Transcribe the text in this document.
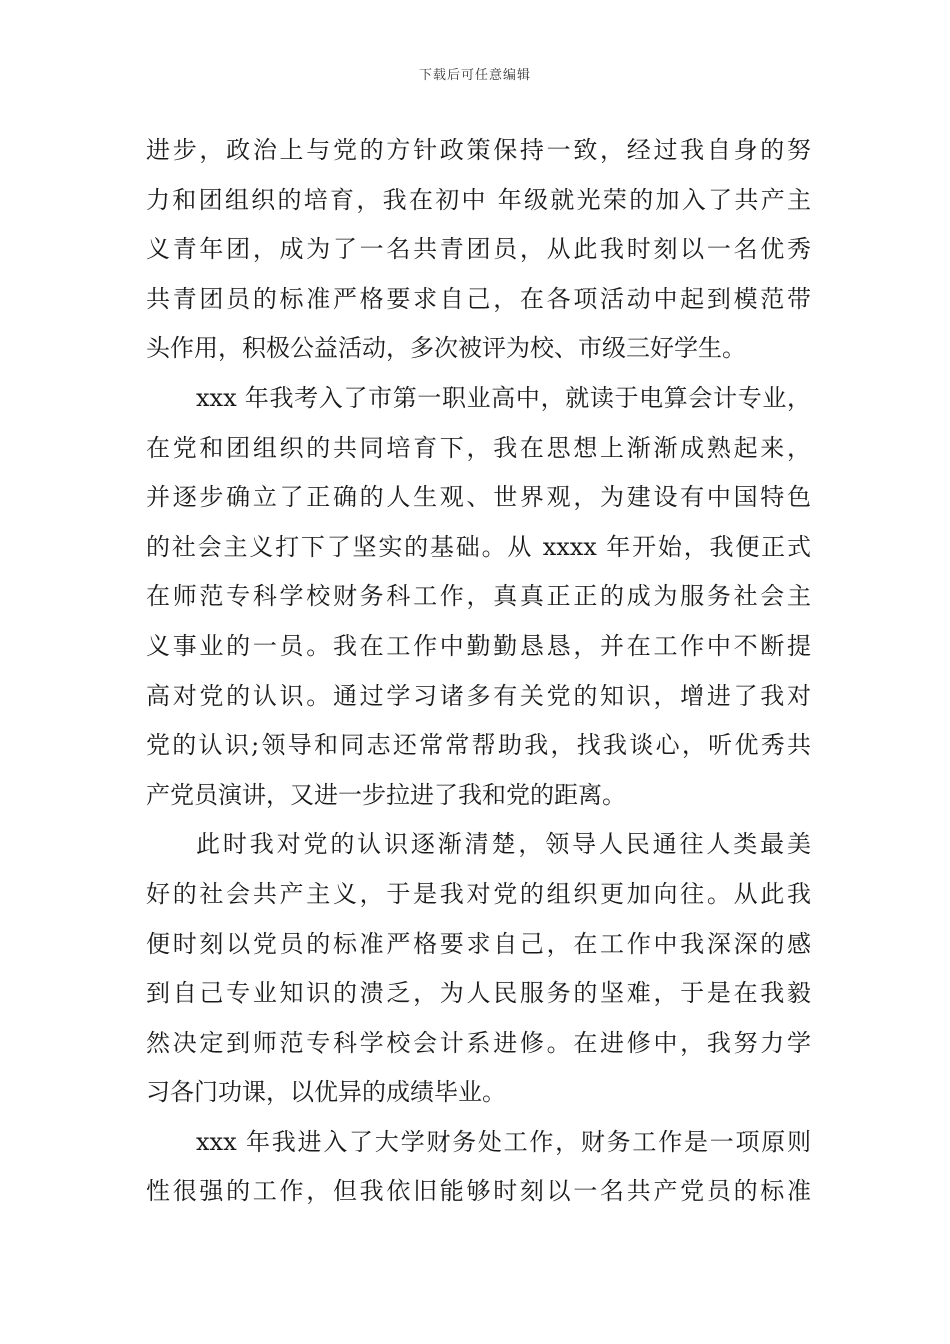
下载后可任意编辑
进步，政治上与党的方针政策保持一致，经过我自身的努
力和团组织的培育，我在初中 年级就光荣的加入了共产主
义青年团，成为了一名共青团员，从此我时刻以一名优秀
共青团员的标准严格要求自己，在各项活动中起到模范带
头作用，积极公益活动，多次被评为校、市级三好学生。
xxx 年我考入了市第一职业高中，就读于电算会计专业，
在党和团组织的共同培育下，我在思想上渐渐成熟起来，
并逐步确立了正确的人生观、世界观，为建设有中国特色
的社会主义打下了坚实的基础。从 xxxx 年开始，我便正式
在师范专科学校财务科工作，真真正正的成为服务社会主
义事业的一员。我在工作中勤勤恳恳，并在工作中不断提
高对党的认识。通过学习诸多有关党的知识，增进了我对
党的认识;领导和同志还常常帮助我，找我谈心，听优秀共
产党员演讲，又进一步拉进了我和党的距离。
此时我对党的认识逐渐清楚，领导人民通往人类最美
好的社会共产主义，于是我对党的组织更加向往。从此我
便时刻以党员的标准严格要求自己，在工作中我深深的感
到自己专业知识的溃乏，为人民服务的坚难，于是在我毅
然决定到师范专科学校会计系进修。在进修中，我努力学
习各门功课，以优异的成绩毕业。
xxx 年我进入了大学财务处工作，财务工作是一项原则
性很强的工作，但我依旧能够时刻以一名共产党员的标准
